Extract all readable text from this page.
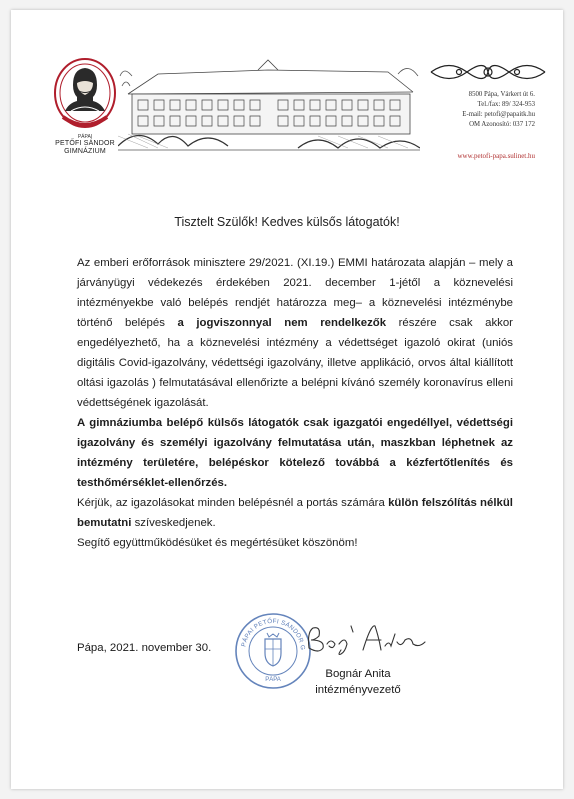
PÁPAI
PETŐFI SÁNDOR
GIMNÁZIUM
8500 Pápa, Várkert út 6.
Tel./fax: 89/ 324-953
E-mail: petofi@papaitk.hu
OM Azonosító: 037 172
www.petofi-papa.sulinet.hu
Tisztelt Szülők! Kedves külsős látogatók!

Az emberi erőforrások minisztere 29/2021. (XI.19.) EMMI határozata alapján – mely a járványügyi védekezés érdekében 2021. december 1-jétől a köznevelési intézményekbe való belépés rendjét határozza meg– a köznevelési intézménybe történő belépés a jogviszonnyal nem rendelkezők részére csak akkor engedélyezhető, ha a köznevelési intézmény a védettséget igazoló okirat (uniós digitális Covid-igazolvány, védettségi igazolvány, illetve applikáció, orvos által kiállított oltási igazolás ) felmutatásával ellenőrizte a belépni kívánó személy koronavírus elleni védettségének igazolását.

A gimnáziumba belépő külsős látogatók csak igazgatói engedéllyel, védettségi igazolvány és személyi igazolvány felmutatása után, maszkban léphetnek az intézmény területére, belépéskor kötelező továbbá a kézfertőtlenítés és testhőmérséklet-ellenőrzés.

Kérjük, az igazolásokat minden belépésnél a portás számára külön felszólítás nélkül bemutatni szíveskedjenek.

Segítő együttműködésüket és megértésüket köszönöm!

Pápa, 2021. november 30.	PÁPAI PETŐFI SÁNDOR G
PÁPA	Bognár Anita
intézményvezető
